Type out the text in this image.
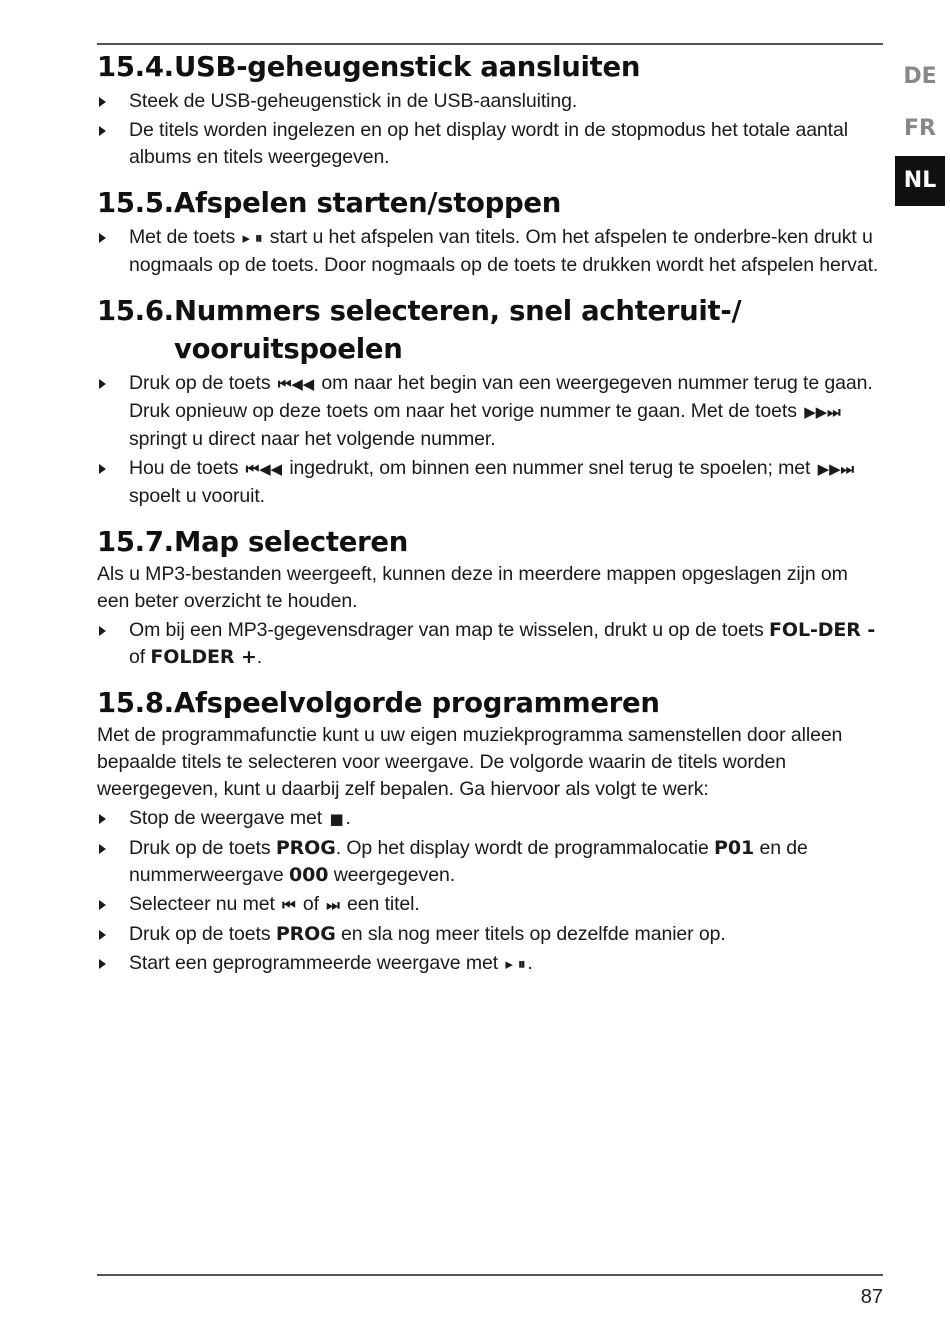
DE
FR
NL
15.4. USB-geheugenstick aansluiten
Steek de USB-geheugenstick in de USB-aansluiting.
De titels worden ingelezen en op het display wordt in de stopmodus het totale aantal albums en titels weergegeven.
15.5. Afspelen starten/stoppen
Met de toets ▸ ⏸ start u het afspelen van titels. Om het afspelen te onderbre-ken drukt u nogmaals op de toets. Door nogmaals op de toets te drukken wordt het afspelen hervat.
15.6. Nummers selecteren, snel achteruit-/ vooruitspoelen
Druk op de toets ⏮◀◀ om naar het begin van een weergegeven nummer terug te gaan. Druk opnieuw op deze toets om naar het vorige nummer te gaan. Met de toets ▶▶⏭ springt u direct naar het volgende nummer.
Hou de toets ⏮◀◀ ingedrukt, om binnen een nummer snel terug te spoelen; met ▶▶⏭ spoelt u vooruit.
15.7. Map selecteren

Als u MP3-bestanden weergeeft, kunnen deze in meerdere mappen opgeslagen zijn om een beter overzicht te houden.

Om bij een MP3-gegevensdrager van map te wisselen, drukt u op de toets FOL-DER - of FOLDER +.
15.8. Afspeelvolgorde programmeren

Met de programmafunctie kunt u uw eigen muziekprogramma samenstellen door alleen bepaalde titels te selecteren voor weergave. De volgorde waarin de titels worden weergegeven, kunt u daarbij zelf bepalen. Ga hiervoor als volgt te werk:

Stop de weergave met ■ .
Druk op de toets PROG. Op het display wordt de programmalocatie P01 en de nummerweergave 000 weergegeven.
Selecteer nu met ⏮ of ⏭ een titel.
Druk op de toets PROG en sla nog meer titels op dezelfde manier op.
Start een geprogrammeerde weergave met ▸ ⏸ .
87
